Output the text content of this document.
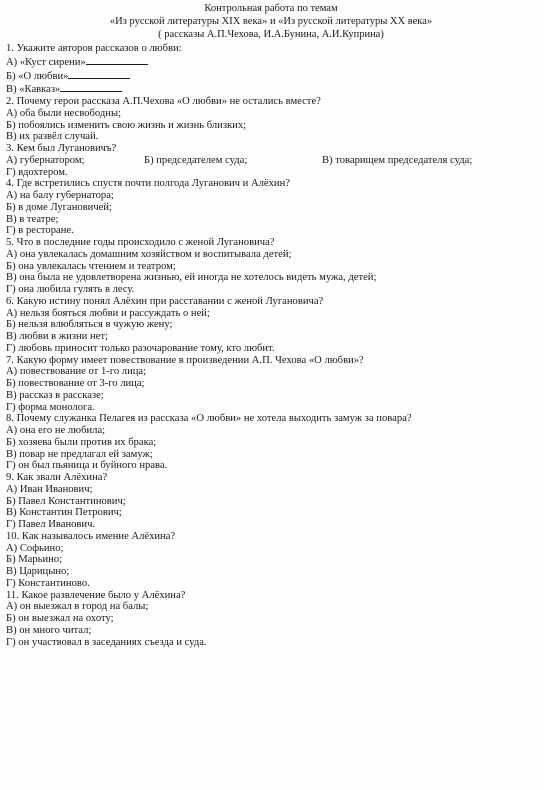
Контрольная работа по темам
«Из русской литературы XIX века» и «Из русской литературы XX века»
( рассказы А.П.Чехова, И.А.Бунина, А.И.Куприна)
1. Укажите авторов рассказов о любви:
А) «Куст сирени»
Б) «О любви»
В) «Кавказ»
2. Почему герои рассказа А.П.Чехова «О любви» не остались вместе?
А) оба были несвободны;
Б) побоялись изменить свою жизнь и жизнь близких;
В) их развёл случай.
3. Кем был Лугановичъ?
А) губернатором;	Б) председателем суда;	В) товарищем председателя суда;
Г) вдохтером.
4. Где встретились спустя почти полгода Луганович и Алёхин?
А) на балу губернатора;
Б) в доме Лугановичей;
В) в театре;
Г) в ресторане.
5. Что в последние годы происходило с женой Лугановича?
А) она увлекалась домашним хозяйством и воспитывала детей;
Б) она увлекалась чтением и театром;
В) она была не удовлетворена жизнью, ей иногда не хотелось видеть мужа, детей;
Г) она любила гулять в лесу.
6. Какую истину понял Алёхин при расставании с женой Лугановича?
А) нельзя бояться любви и рассуждать о ней;
Б) нельзя влюбляться в чужую жену;
В) любви в жизни нет;
Г) любовь приносит только разочарование тому, кто любит.
7. Какую форму имеет повествование в произведении А.П. Чехова «О любви»?
А) повествование от 1-го лица;
Б) повествование от 3-го лица;
В) рассказ в рассказе;
Г) форма монолога.
8. Почему служанка Пелагея из рассказа «О любви» не хотела выходить замуж за повара?
А) она его не любила;
Б) хозяева были против их брака;
В) повар не предлагал ей замуж;
Г) он был пьяница и буйного нрава.
9. Как звали Алёхина?
А) Иван Иванович;
Б) Павел Константинович;
В) Константин Петрович;
Г) Павел Иванович.
10. Как называлось имение Алёхина?
А) Софьино;
Б) Марьино;
В) Царицыно;
Г) Константиново.
11. Какое развлечение было у Алёхина?
А) он выезжал в город на балы;
Б) он выезжал на охоту;
В) он много читал;
Г) он участвовал в заседаниях съезда и суда.
